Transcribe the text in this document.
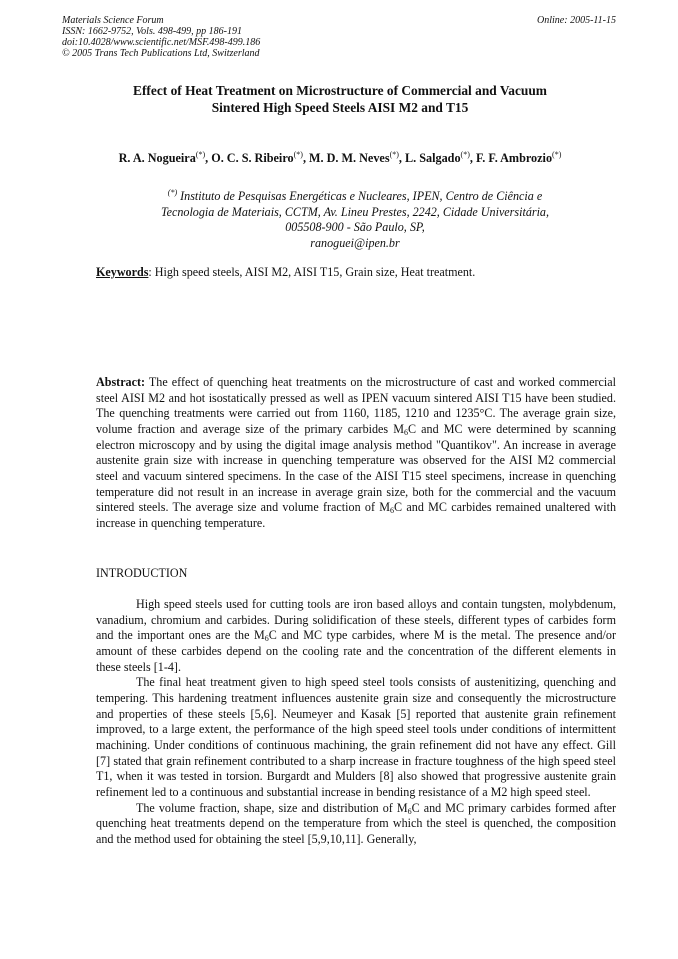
Materials Science Forum
ISSN: 1662-9752, Vols. 498-499, pp 186-191
doi:10.4028/www.scientific.net/MSF.498-499.186
© 2005 Trans Tech Publications Ltd, Switzerland
Online: 2005-11-15
Effect of Heat Treatment on Microstructure of Commercial and Vacuum
Sintered High Speed Steels AISI M2 and T15
R. A. Nogueira(*), O. C. S. Ribeiro(*), M. D. M. Neves(*), L. Salgado(*), F. F. Ambrozio(*)
(*) Instituto de Pesquisas Energéticas e Nucleares, IPEN, Centro de Ciência e
Tecnologia de Materiais, CCTM, Av. Lineu Prestes, 2242, Cidade Universitária,
005508-900 - São Paulo, SP,
ranoguei@ipen.br
Keywords: High speed steels, AISI M2, AISI T15, Grain size, Heat treatment.
Abstract: The effect of quenching heat treatments on the microstructure of cast and worked commercial steel AISI M2 and hot isostatically pressed as well as IPEN vacuum sintered AISI T15 have been studied. The quenching treatments were carried out from 1160, 1185, 1210 and 1235°C. The average grain size, volume fraction and average size of the primary carbides $M_6C$ and MC were determined by scanning electron microscopy and by using the digital image analysis method "Quantikov". An increase in average austenite grain size with increase in quenching temperature was observed for the AISI M2 commercial steel and vacuum sintered specimens. In the case of the AISI T15 steel specimens, increase in quenching temperature did not result in an increase in average grain size, both for the commercial and the vacuum sintered steels. The average size and volume fraction of $M_6C$ and MC carbides remained unaltered with increase in quenching temperature.
INTRODUCTION

High speed steels used for cutting tools are iron based alloys and contain tungsten, molybdenum, vanadium, chromium and carbides. During solidification of these steels, different types of carbides form and the important ones are the $M_6C$ and MC type carbides, where M is the metal. The presence and/or amount of these carbides depend on the cooling rate and the concentration of the different elements in these steels [1-4].

The final heat treatment given to high speed steel tools consists of austenitizing, quenching and tempering. This hardening treatment influences austenite grain size and consequently the microstructure and properties of these steels [5,6]. Neumeyer and Kasak [5] reported that austenite grain refinement improved, to a large extent, the performance of the high speed steel tools under conditions of intermittent machining. Under conditions of continuous machining, the grain refinement did not have any effect. Gill [7] stated that grain refinement contributed to a sharp increase in fracture toughness of the high speed steel T1, when it was tested in torsion. Burgardt and Mulders [8] also showed that progressive austenite grain refinement led to a continuous and substantial increase in bending resistance of a M2 high speed steel.

The volume fraction, shape, size and distribution of $M_6C$ and MC primary carbides formed after quenching heat treatments depend on the temperature from which the steel is quenched, the composition and the method used for obtaining the steel [5,9,10,11]. Generally,
